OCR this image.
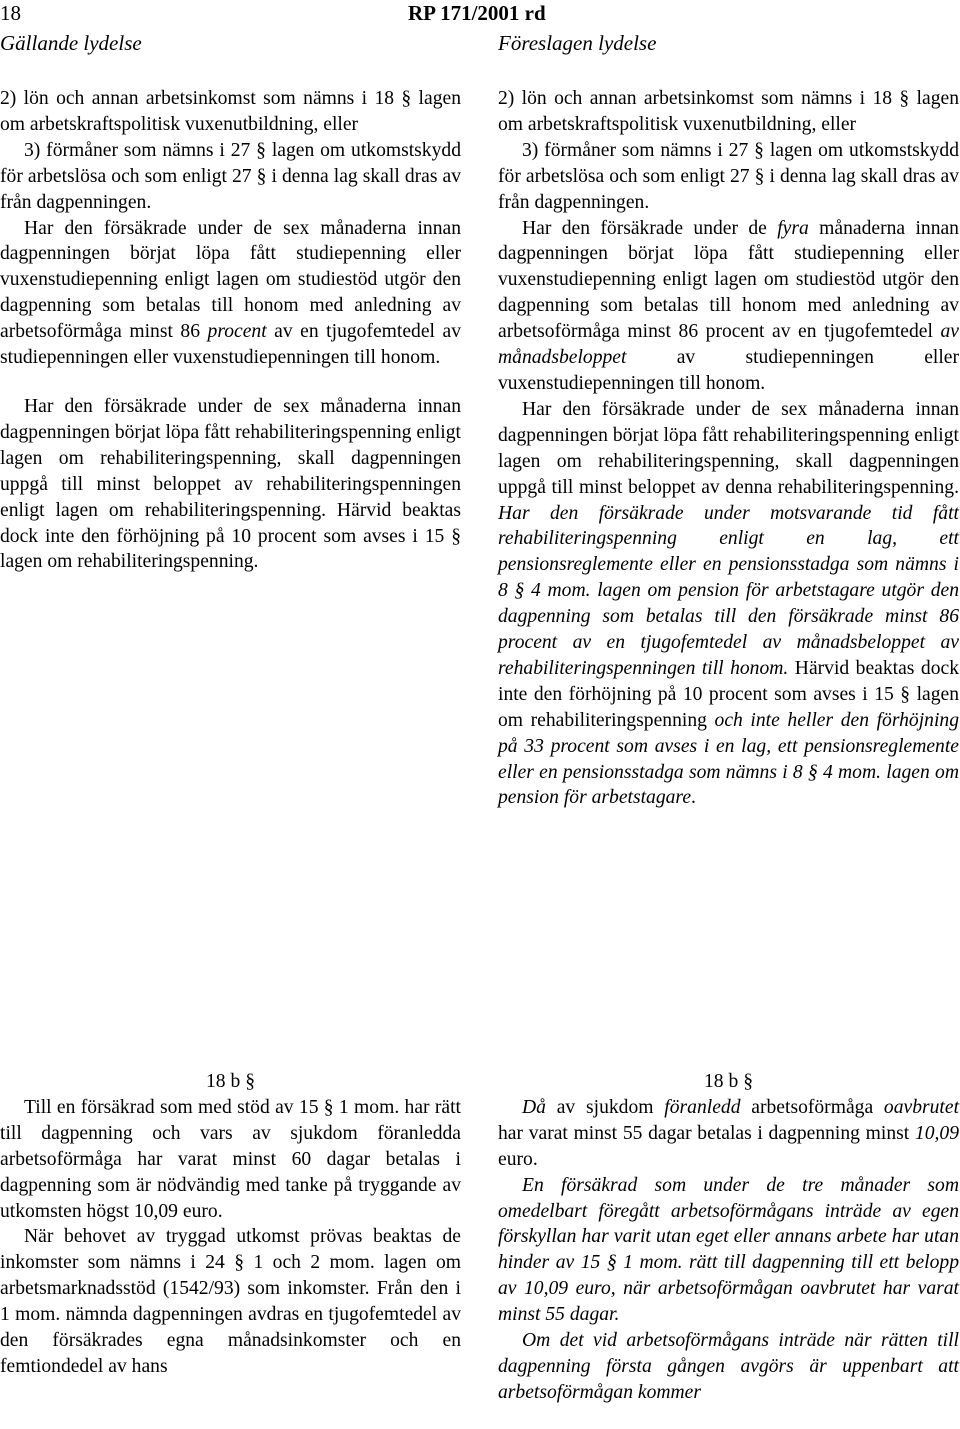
18	RP 171/2001 rd
Gällande lydelse	Föreslagen lydelse

2) lön och annan arbetsinkomst som nämns i 18 § lagen om arbetskraftspolitisk vuxenutbildning, eller

3) förmåner som nämns i 27 § lagen om utkomstskydd för arbetslösa och som enligt 27 § i denna lag skall dras av från dagpenningen.

Har den försäkrade under de sex månaderna innan dagpenningen börjat löpa fått studiepenning eller vuxenstudiepenning enligt lagen om studiestöd utgör den dagpenning som betalas till honom med anledning av arbetsoförmåga minst 86 procent av en tjugofemtedel av studiepenningen eller vuxenstudiepenningen till honom.

Har den försäkrade under de sex månaderna innan dagpenningen börjat löpa fått rehabiliteringspenning enligt lagen om rehabiliteringspenning, skall dagpenningen uppgå till minst beloppet av rehabiliteringspenningen enligt lagen om rehabiliteringspenning. Härvid beaktas dock inte den förhöjning på 10 procent som avses i 15 § lagen om rehabiliteringspenning.

2) lön och annan arbetsinkomst som nämns i 18 § lagen om arbetskraftspolitisk vuxenutbildning, eller

3) förmåner som nämns i 27 § lagen om utkomstskydd för arbetslösa och som enligt 27 § i denna lag skall dras av från dagpenningen.

Har den försäkrade under de fyra månaderna innan dagpenningen börjat löpa fått studiepenning eller vuxenstudiepenning enligt lagen om studiestöd utgör den dagpenning som betalas till honom med anledning av arbetsoförmåga minst 86 procent av en tjugofemtedel av månadsbeloppet av studiepenningen eller vuxenstudiepenningen till honom.

Har den försäkrade under de sex månaderna innan dagpenningen börjat löpa fått rehabiliteringspenning enligt lagen om rehabiliteringspenning, skall dagpenningen uppgå till minst beloppet av denna rehabiliteringspenning. Har den försäkrade under motsvarande tid fått rehabiliteringspenning enligt en lag, ett pensionsreglemente eller en pensionsstadga som nämns i 8 § 4 mom. lagen om pension för arbetstagare utgör den dagpenning som betalas till den försäkrade minst 86 procent av en tjugofemtedel av månadsbeloppet av rehabiliteringspenningen till honom. Härvid beaktas dock inte den förhöjning på 10 procent som avses i 15 § lagen om rehabiliteringspenning och inte heller den förhöjning på 33 procent som avses i en lag, ett pensionsreglemente eller en pensionsstadga som nämns i 8 § 4 mom. lagen om pension för arbetstagare.

18 b §

Till en försäkrad som med stöd av 15 § 1 mom. har rätt till dagpenning och vars av sjukdom föranledda arbetsoförmåga har varat minst 60 dagar betalas i dagpenning som är nödvändig med tanke på tryggande av utkomsten högst 10,09 euro.

När behovet av tryggad utkomst prövas beaktas de inkomster som nämns i 24 § 1 och 2 mom. lagen om arbetsmarknadsstöd (1542/93) som inkomster. Från den i 1 mom. nämnda dagpenningen avdras en tjugofemtedel av den försäkrades egna månadsinkomster och en femtiondedel av hans

18 b §

Då av sjukdom föranledd arbetsoförmåga oavbrutet har varat minst 55 dagar betalas i dagpenning minst 10,09 euro.

En försäkrad som under de tre månader som omedelbart föregått arbetsoförmågans inträde av egen förskyllan har varit utan eget eller annans arbete har utan hinder av 15 § 1 mom. rätt till dagpenning till ett belopp av 10,09 euro, när arbetsoförmågan oavbrutet har varat minst 55 dagar.

Om det vid arbetsoförmågans inträde när rätten till dagpenning första gången avgörs är uppenbart att arbetsoförmågan kommer
